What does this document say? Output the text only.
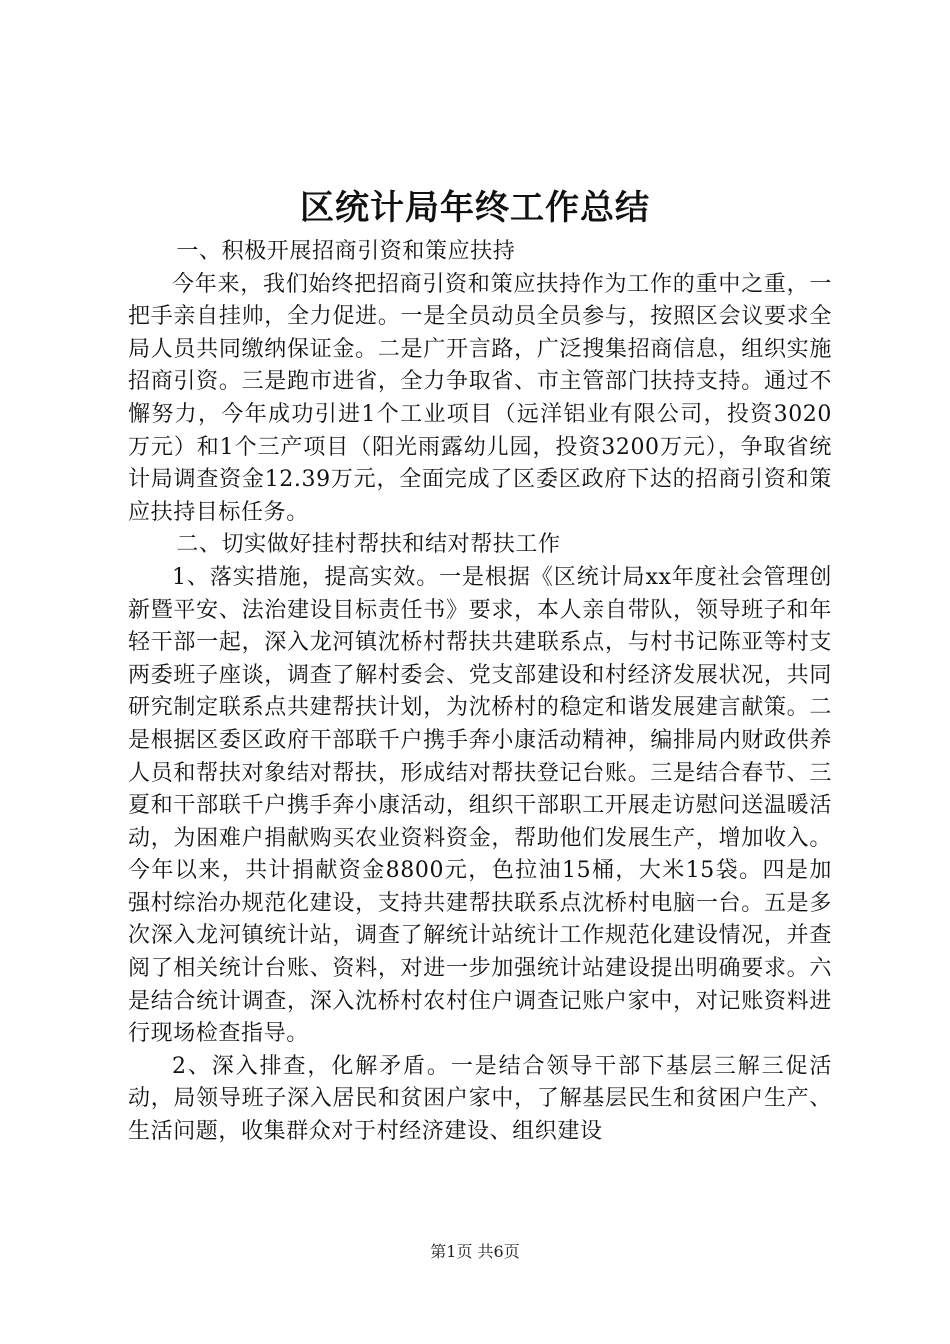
区统计局年终工作总结

一、积极开展招商引资和策应扶持

今年来，我们始终把招商引资和策应扶持作为工作的重中之重，一把手亲自挂帅，全力促进。一是全员动员全员参与，按照区会议要求全局人员共同缴纳保证金。二是广开言路，广泛搜集招商信息，组织实施招商引资。三是跑市进省，全力争取省、市主管部门扶持支持。通过不懈努力，今年成功引进1个工业项目（远洋铝业有限公司，投资3020万元）和1个三产项目（阳光雨露幼儿园，投资3200万元），争取省统计局调查资金12.39万元，全面完成了区委区政府下达的招商引资和策应扶持目标任务。

二、切实做好挂村帮扶和结对帮扶工作

1、落实措施，提高实效。一是根据《区统计局xx年度社会管理创新暨平安、法治建设目标责任书》要求，本人亲自带队，领导班子和年轻干部一起，深入龙河镇沈桥村帮扶共建联系点，与村书记陈亚等村支两委班子座谈，调查了解村委会、党支部建设和村经济发展状况，共同研究制定联系点共建帮扶计划，为沈桥村的稳定和谐发展建言献策。二是根据区委区政府干部联千户携手奔小康活动精神，编排局内财政供养人员和帮扶对象结对帮扶，形成结对帮扶登记台账。三是结合春节、三夏和干部联千户携手奔小康活动，组织干部职工开展走访慰问送温暖活动，为困难户捐献购买农业资料资金，帮助他们发展生产，增加收入。今年以来，共计捐献资金8800元，色拉油15桶，大米15袋。四是加强村综治办规范化建设，支持共建帮扶联系点沈桥村电脑一台。五是多次深入龙河镇统计站，调查了解统计站统计工作规范化建设情况，并查阅了相关统计台账、资料，对进一步加强统计站建设提出明确要求。六是结合统计调查，深入沈桥村农村住户调查记账户家中，对记账资料进行现场检查指导。

2、深入排查，化解矛盾。一是结合领导干部下基层三解三促活动，局领导班子深入居民和贫困户家中，了解基层民生和贫困户生产、生活问题，收集群众对于村经济建设、组织建设

第1页 共6页
